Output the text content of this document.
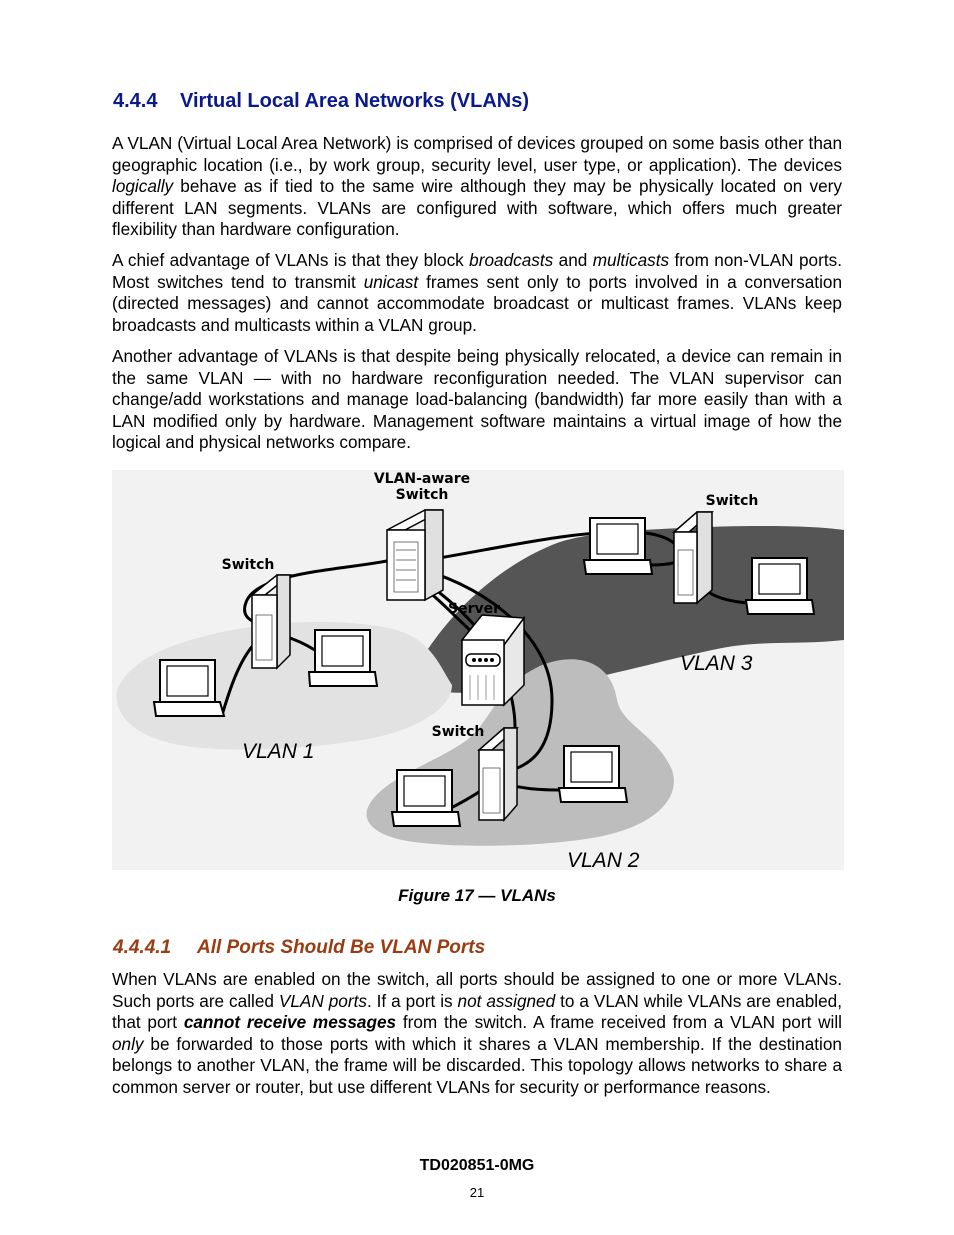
4.4.4 Virtual Local Area Networks (VLANs)

A VLAN (Virtual Local Area Network) is comprised of devices grouped on some basis other than geographic location (i.e., by work group, security level, user type, or application). The devices logically behave as if tied to the same wire although they may be physically located on very different LAN segments. VLANs are configured with software, which offers much greater flexibility than hardware configuration.

A chief advantage of VLANs is that they block broadcasts and multicasts from non-VLAN ports. Most switches tend to transmit unicast frames sent only to ports involved in a conversation (directed messages) and cannot accommodate broadcast or multicast frames. VLANs keep broadcasts and multicasts within a VLAN group.

Another advantage of VLANs is that despite being physically relocated, a device can remain in the same VLAN — with no hardware reconfiguration needed. The VLAN supervisor can change/add workstations and manage load-balancing (bandwidth) far more easily than with a LAN modified only by hardware. Management software maintains a virtual image of how the logical and physical networks compare.

VLAN-aware
Switch	Switch
Switch
Server
Switch
VLAN 1
VLAN 2
VLAN 3

Figure 17 — VLANs

4.4.4.1 All Ports Should Be VLAN Ports

When VLANs are enabled on the switch, all ports should be assigned to one or more VLANs. Such ports are called VLAN ports. If a port is not assigned to a VLAN while VLANs are enabled, that port cannot receive messages from the switch. A frame received from a VLAN port will only be forwarded to those ports with which it shares a VLAN membership. If the destination belongs to another VLAN, the frame will be discarded. This topology allows networks to share a common server or router, but use different VLANs for security or performance reasons.

TD020851-0MG

21
